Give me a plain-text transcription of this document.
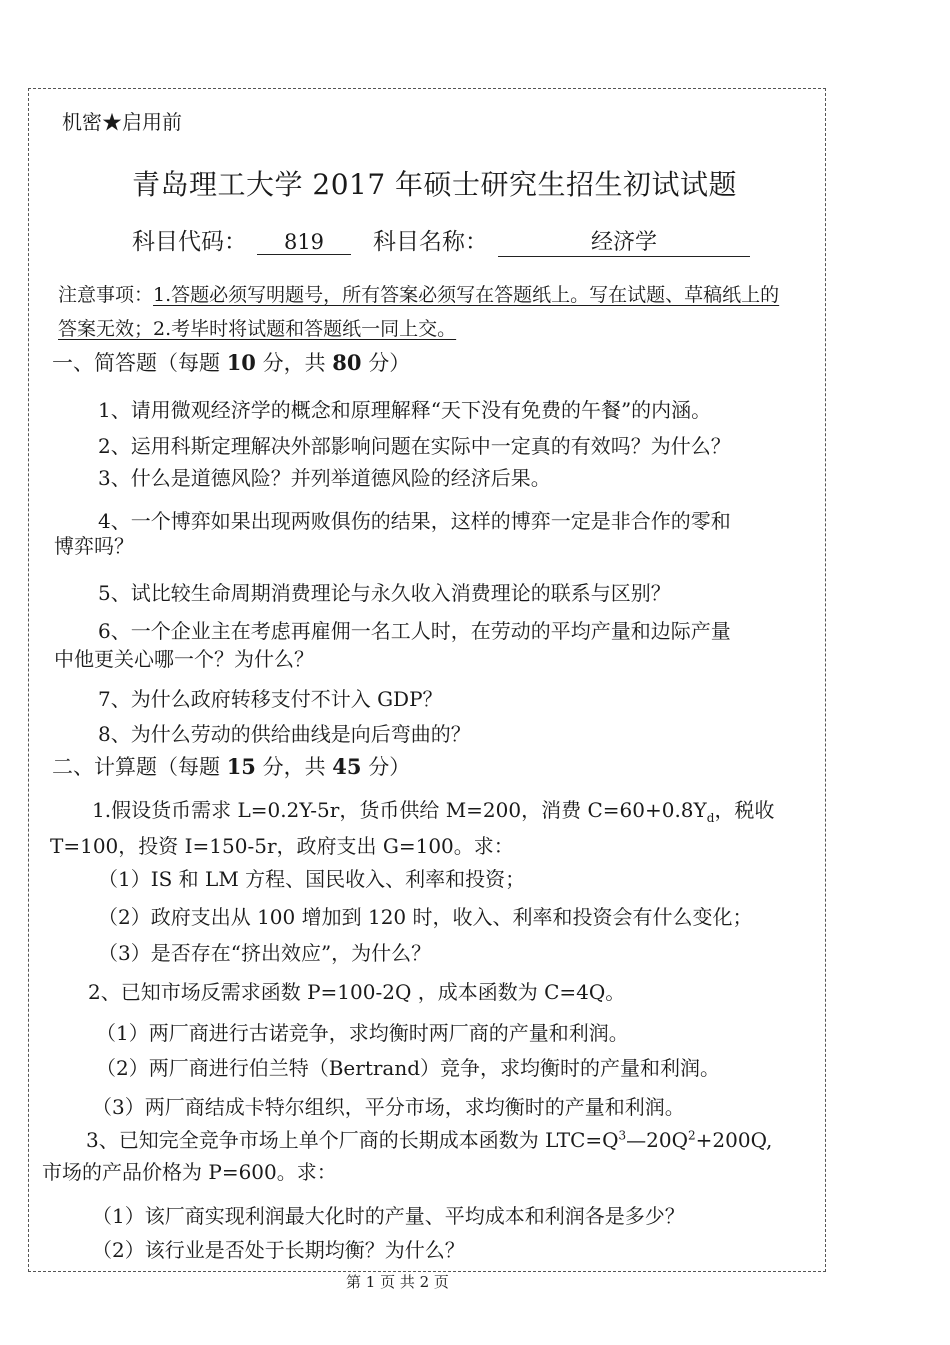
机密★启用前
青岛理工大学 2017 年硕士研究生招生初试试题
科目代码： 819 科目名称：	经济学
注意事项：1.答题必须写明题号，所有答案必须写在答题纸上。写在试题、草稿纸上的
答案无效；2.考毕时将试题和答题纸一同上交。
一、简答题（每题 10 分，共 80 分）
1、请用微观经济学的概念和原理解释“天下没有免费的午餐”的内涵。
2、运用科斯定理解决外部影响问题在实际中一定真的有效吗？为什么？
3、什么是道德风险？并列举道德风险的经济后果。
4、一个博弈如果出现两败俱伤的结果，这样的博弈一定是非合作的零和
博弈吗？
5、试比较生命周期消费理论与永久收入消费理论的联系与区别？
6、一个企业主在考虑再雇佣一名工人时，在劳动的平均产量和边际产量
中他更关心哪一个？为什么？
7、为什么政府转移支付不计入 GDP？
8、为什么劳动的供给曲线是向后弯曲的？
二、计算题（每题 15 分，共 45 分）
1.假设货币需求 L=0.2Y-5r，货币供给 M=200，消费 $C=60+0.8Y_d$，税收
T=100，投资 I=150-5r，政府支出 G=100。求：
（1）IS 和 LM 方程、国民收入、利率和投资；
（2）政府支出从 100 增加到 120 时，收入、利率和投资会有什么变化；
（3）是否存在“挤出效应”，为什么？
2、已知市场反需求函数 P=100-2Q ，成本函数为 C=4Q。
（1）两厂商进行古诺竞争，求均衡时两厂商的产量和利润。
（2）两厂商进行伯兰特（Bertrand）竞争，求均衡时的产量和利润。
（3）两厂商结成卡特尔组织，平分市场，求均衡时的产量和利润。
3、已知完全竞争市场上单个厂商的长期成本函数为 $LTC=Q^3—20Q^2+200Q$,
市场的产品价格为 P=600。求：
（1）该厂商实现利润最大化时的产量、平均成本和利润各是多少？
（2）该行业是否处于长期均衡？为什么？
第 1 页 共 2 页
